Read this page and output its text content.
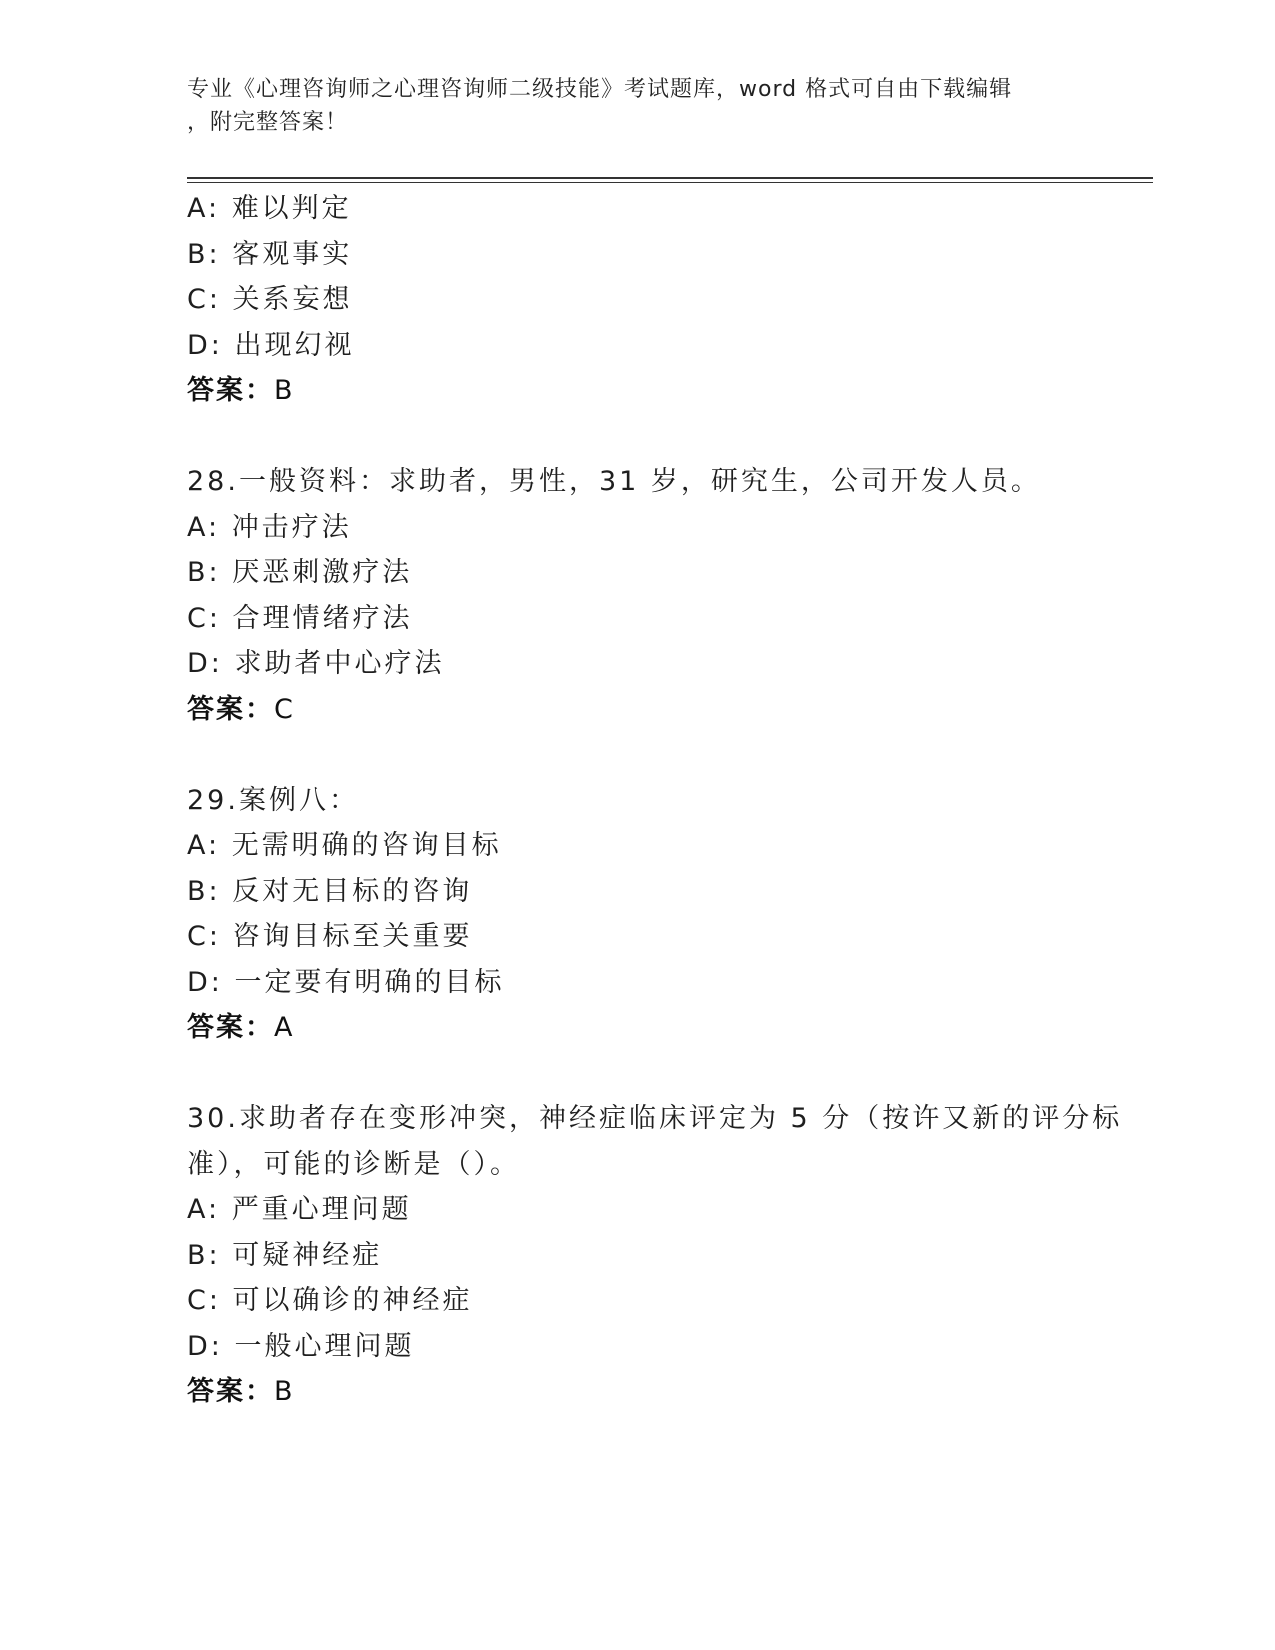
专业《心理咨询师之心理咨询师二级技能》考试题库，word 格式可自由下载编辑
，附完整答案！
A: 难以判定
B: 客观事实
C: 关系妄想
D: 出现幻视
答案：B
28.一般资料：求助者，男性，31 岁，研究生，公司开发人员。
A: 冲击疗法
B: 厌恶刺激疗法
C: 合理情绪疗法
D: 求助者中心疗法
答案：C
29.案例八：
A: 无需明确的咨询目标
B: 反对无目标的咨询
C: 咨询目标至关重要
D: 一定要有明确的目标
答案：A
30.求助者存在变形冲突，神经症临床评定为 5 分（按许又新的评分标
准），可能的诊断是（）。
A: 严重心理问题
B: 可疑神经症
C: 可以确诊的神经症
D: 一般心理问题
答案：B
